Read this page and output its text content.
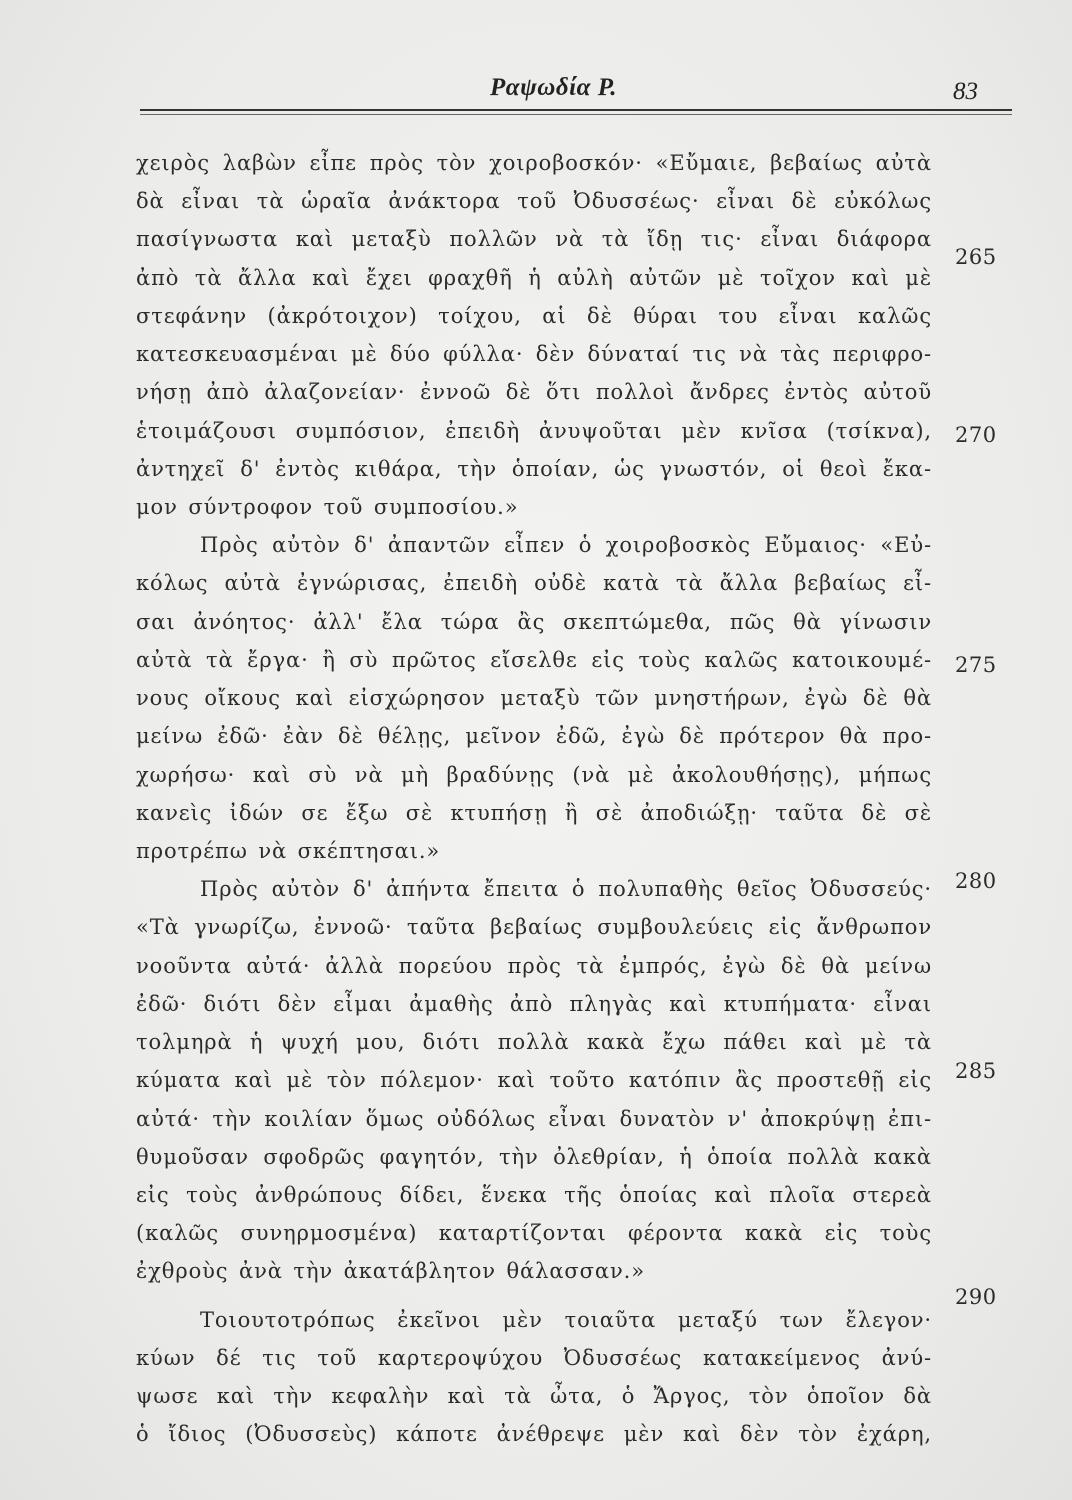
Ραψωδία Ρ.	83
χειρὸς λαβὼν εἶπε πρὸς τὸν χοιροβοσκόν· «Εὔμαιε, βεβαίως αὐτὰ
δὰ εἶναι τὰ ὡραῖα ἀνάκτορα τοῦ Ὀδυσσέως· εἶναι δὲ εὐκόλως
πασίγνωστα καὶ μεταξὺ πολλῶν νὰ τὰ ἴδῃ τις· εἶναι διάφορα
ἀπὸ τὰ ἄλλα καὶ ἔχει φραχθῆ ἡ αὐλὴ αὐτῶν μὲ τοῖχον καὶ μὲ
στεφάνην (ἀκρότοιχον) τοίχου, αἱ δὲ θύραι του εἶναι καλῶς
κατεσκευασμέναι μὲ δύο φύλλα· δὲν δύναταί τις νὰ τὰς περιφρο-
νήσῃ ἀπὸ ἀλαζονείαν· ἐννοῶ δὲ ὅτι πολλοὶ ἄνδρες ἐντὸς αὐτοῦ
ἑτοιμάζουσι συμπόσιον, ἐπειδὴ ἀνυψοῦται μὲν κνῖσα (τσίκνα),
ἀντηχεῖ δ' ἐντὸς κιθάρα, τὴν ὁποίαν, ὡς γνωστόν, οἱ θεοὶ ἔκα-
μον σύντροφον τοῦ συμποσίου.»
Πρὸς αὐτὸν δ' ἀπαντῶν εἶπεν ὁ χοιροβοσκὸς Εὔμαιος· «Εὐ-
κόλως αὐτὰ ἐγνώρισας, ἐπειδὴ οὐδὲ κατὰ τὰ ἄλλα βεβαίως εἶ-
σαι ἀνόητος· ἀλλ' ἔλα τώρα ἂς σκεπτώμεθα, πῶς θὰ γίνωσιν
αὐτὰ τὰ ἔργα· ἢ σὺ πρῶτος εἴσελθε εἰς τοὺς καλῶς κατοικουμέ-
νους οἴκους καὶ εἰσχώρησον μεταξὺ τῶν μνηστήρων, ἐγὼ δὲ θὰ
μείνω ἐδῶ· ἐὰν δὲ θέλῃς, μεῖνον ἐδῶ, ἐγὼ δὲ πρότερον θὰ προ-
χωρήσω· καὶ σὺ νὰ μὴ βραδύνῃς (νὰ μὲ ἀκολουθήσῃς), μήπως
κανεὶς ἰδών σε ἔξω σὲ κτυπήσῃ ἢ σὲ ἀποδιώξῃ· ταῦτα δὲ σὲ
προτρέπω νὰ σκέπτησαι.»
Πρὸς αὐτὸν δ' ἀπήντα ἔπειτα ὁ πολυπαθὴς θεῖος Ὀδυσσεύς·
«Τὰ γνωρίζω, ἐννοῶ· ταῦτα βεβαίως συμβουλεύεις εἰς ἄνθρωπον
νοοῦντα αὐτά· ἀλλὰ πορεύου πρὸς τὰ ἐμπρός, ἐγὼ δὲ θὰ μείνω
ἐδῶ· διότι δὲν εἶμαι ἀμαθὴς ἀπὸ πληγὰς καὶ κτυπήματα· εἶναι
τολμηρὰ ἡ ψυχή μου, διότι πολλὰ κακὰ ἔχω πάθει καὶ μὲ τὰ
κύματα καὶ μὲ τὸν πόλεμον· καὶ τοῦτο κατόπιν ἂς προστεθῇ εἰς
αὐτά· τὴν κοιλίαν ὅμως οὐδόλως εἶναι δυνατὸν ν' ἀποκρύψῃ ἐπι-
θυμοῦσαν σφοδρῶς φαγητόν, τὴν ὀλεθρίαν, ἡ ὁποία πολλὰ κακὰ
εἰς τοὺς ἀνθρώπους δίδει, ἕνεκα τῆς ὁποίας καὶ πλοῖα στερεὰ
(καλῶς συνηρμοσμένα) καταρτίζονται φέροντα κακὰ εἰς τοὺς
ἐχθροὺς ἀνὰ τὴν ἀκατάβλητον θάλασσαν.»
Τοιουτοτρόπως ἐκεῖνοι μὲν τοιαῦτα μεταξύ των ἔλεγον·
κύων δέ τις τοῦ καρτεροψύχου Ὀδυσσέως κατακείμενος ἀνύ-
ψωσε καὶ τὴν κεφαλὴν καὶ τὰ ὦτα, ὁ Ἄργος, τὸν ὁποῖον δὰ
ὁ ἴδιος (Ὀδυσσεὺς) κάποτε ἀνέθρεψε μὲν καὶ δὲν τὸν ἐχάρη,
265
270
275
280
285
290
